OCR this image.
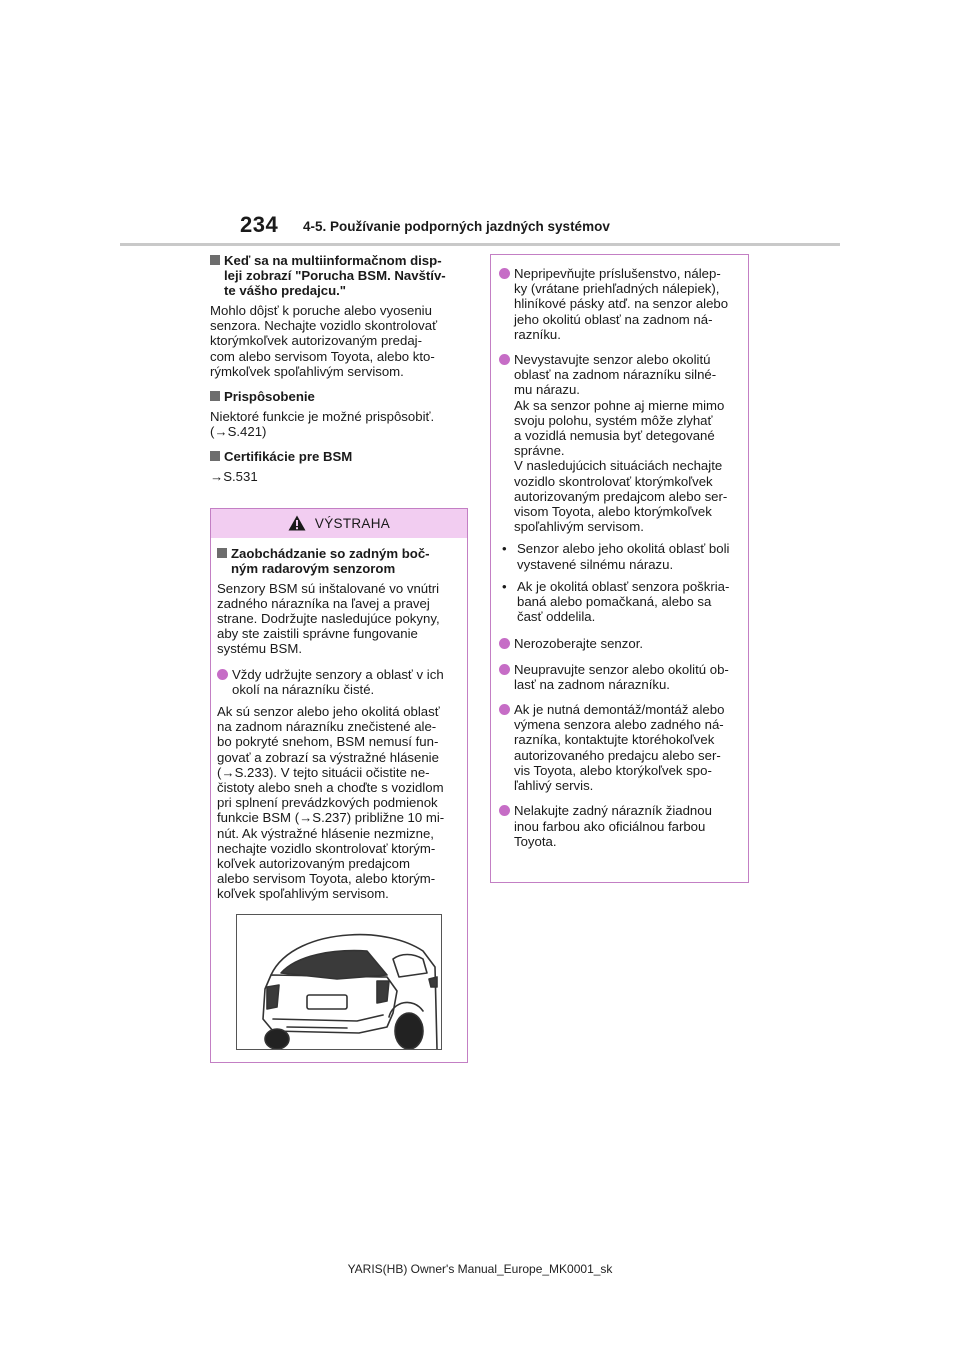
234 4-5. Používanie podporných jazdných systémov
Keď sa na multiinformačnom disp-
leji zobrazí "Porucha BSM. Navštív-
te vášho predajcu."

Mohlo dôjsť k poruche alebo vyoseniu

senzora. Nechajte vozidlo skontrolovať

ktorýmkoľvek autorizovaným predaj-

com alebo servisom Toyota, alebo kto-

rýmkoľvek spoľahlivým servisom.

Prispôsobenie

Niektoré funkcie je možné prispôsobiť.

(→S.421)

Certifikácie pre BSM

→S.531

VÝSTRAHA
Zaobchádzanie so zadným boč-
ným radarovým senzorom

Senzory BSM sú inštalované vo vnútri

zadného nárazníka na ľavej a pravej

strane. Dodržujte nasledujúce pokyny,

aby ste zaistili správne fungovanie

systému BSM.

Vždy udržujte senzory a oblasť v ich
okolí na nárazníku čisté.

Ak sú senzor alebo jeho okolitá oblasť

na zadnom nárazníku znečistené ale-

bo pokryté snehom, BSM nemusí fun-

govať a zobrazí sa výstražné hlásenie

(→S.233). V tejto situácii očistite ne-

čistoty alebo sneh a choďte s vozidlom

pri splnení prevádzkových podmienok

funkcie BSM (→S.237) približne 10 mi-

nút. Ak výstražné hlásenie nezmizne,

nechajte vozidlo skontrolovať ktorým-

koľvek autorizovaným predajcom

alebo servisom Toyota, alebo ktorým-

koľvek spoľahlivým servisom.

Nepripevňujte príslušenstvo, nálep-
ky (vrátane priehľadných nálepiek),
hliníkové pásky atď. na senzor alebo
jeho okolitú oblasť na zadnom ná-
razníku.
Nevystavujte senzor alebo okolitú
oblasť na zadnom nárazníku silné-
mu nárazu.
Ak sa senzor pohne aj mierne mimo
svoju polohu, systém môže zlyhať
a vozidlá nemusia byť detegované
správne.
V nasledujúcich situáciách nechajte
vozidlo skontrolovať ktorýmkoľvek
autorizovaným predajcom alebo ser-
visom Toyota, alebo ktorýmkoľvek
spoľahlivým servisom.
• Senzor alebo jeho okolitá oblasť boli
vystavené silnému nárazu.
• Ak je okolitá oblasť senzora poškria-
baná alebo pomačkaná, alebo sa
časť oddelila.
Nerozoberajte senzor.
Neupravujte senzor alebo okolitú ob-
lasť na zadnom nárazníku.
Ak je nutná demontáž/montáž alebo
výmena senzora alebo zadného ná-
razníka, kontaktujte ktoréhokoľvek
autorizovaného predajcu alebo ser-
vis Toyota, alebo ktorýkoľvek spo-
ľahlivý servis.
Nelakujte zadný nárazník žiadnou
inou farbou ako oficiálnou farbou
Toyota.
YARIS(HB) Owner's Manual_Europe_MK0001_sk
